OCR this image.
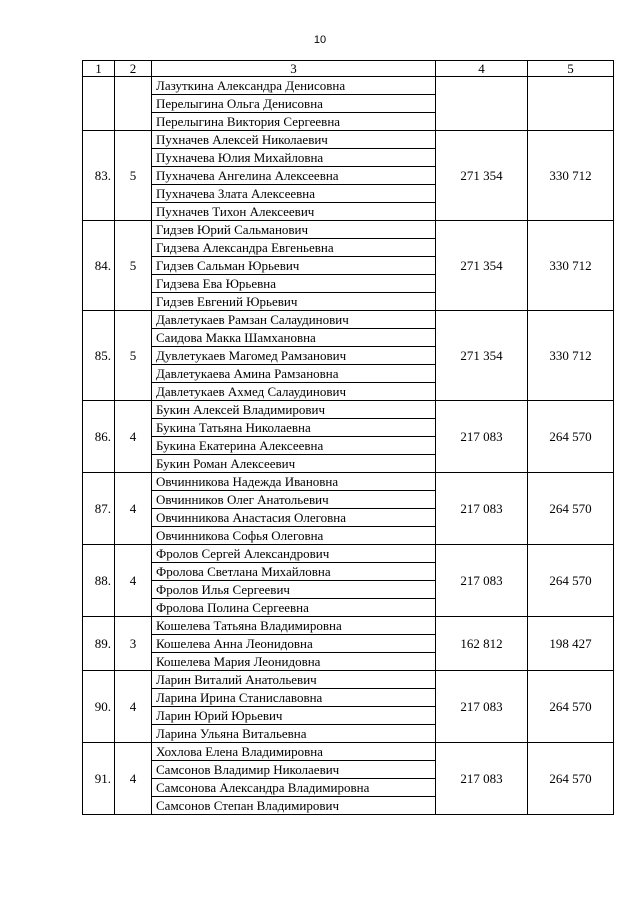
10
1	2	3	4	5

		Лазуткина Александра Денисовна
Перелыгина Ольга Денисовна
Перелыгина Виктория Сергеевна		

83.	5	Пухначев Алексей Николаевич
Пухначева Юлия Михайловна
Пухначева Ангелина Алексеевна
Пухначева Злата Алексеевна
Пухначев Тихон Алексеевич	271 354	330 712
84.	5	Гидзев Юрий Сальманович
Гидзева Александра Евгеньевна
Гидзев Сальман Юрьевич
Гидзева Ева Юрьевна
Гидзев Евгений Юрьевич	271 354	330 712
85.	5	Давлетукаев Рамзан Салаудинович
Саидова Макка Шамхановна
Дувлетукаев Магомед Рамзанович
Давлетукаева Амина Рамзановна
Давлетукаев Ахмед Салаудинович	271 354	330 712
86.	4	Букин Алексей Владимирович
Букина Татьяна Николаевна
Букина Екатерина Алексеевна
Букин Роман Алексеевич	217 083	264 570
87.	4	Овчинникова Надежда Ивановна
Овчинников Олег Анатольевич
Овчинникова Анастасия Олеговна
Овчинникова Софья Олеговна	217 083	264 570
88.	4	Фролов Сергей Александрович
Фролова Светлана Михайловна
Фролов Илья Сергеевич
Фролова Полина Сергеевна	217 083	264 570
89.	3	Кошелева Татьяна Владимировна
Кошелева Анна Леонидовна
Кошелева Мария Леонидовна	162 812	198 427
90.	4	Ларин Виталий Анатольевич
Ларина Ирина Станиславовна
Ларин Юрий Юрьевич
Ларина Ульяна Витальевна	217 083	264 570
91.	4	Хохлова Елена Владимировна
Самсонов Владимир Николаевич
Самсонова Александра Владимировна
Самсонов Степан Владимирович	217 083	264 570
